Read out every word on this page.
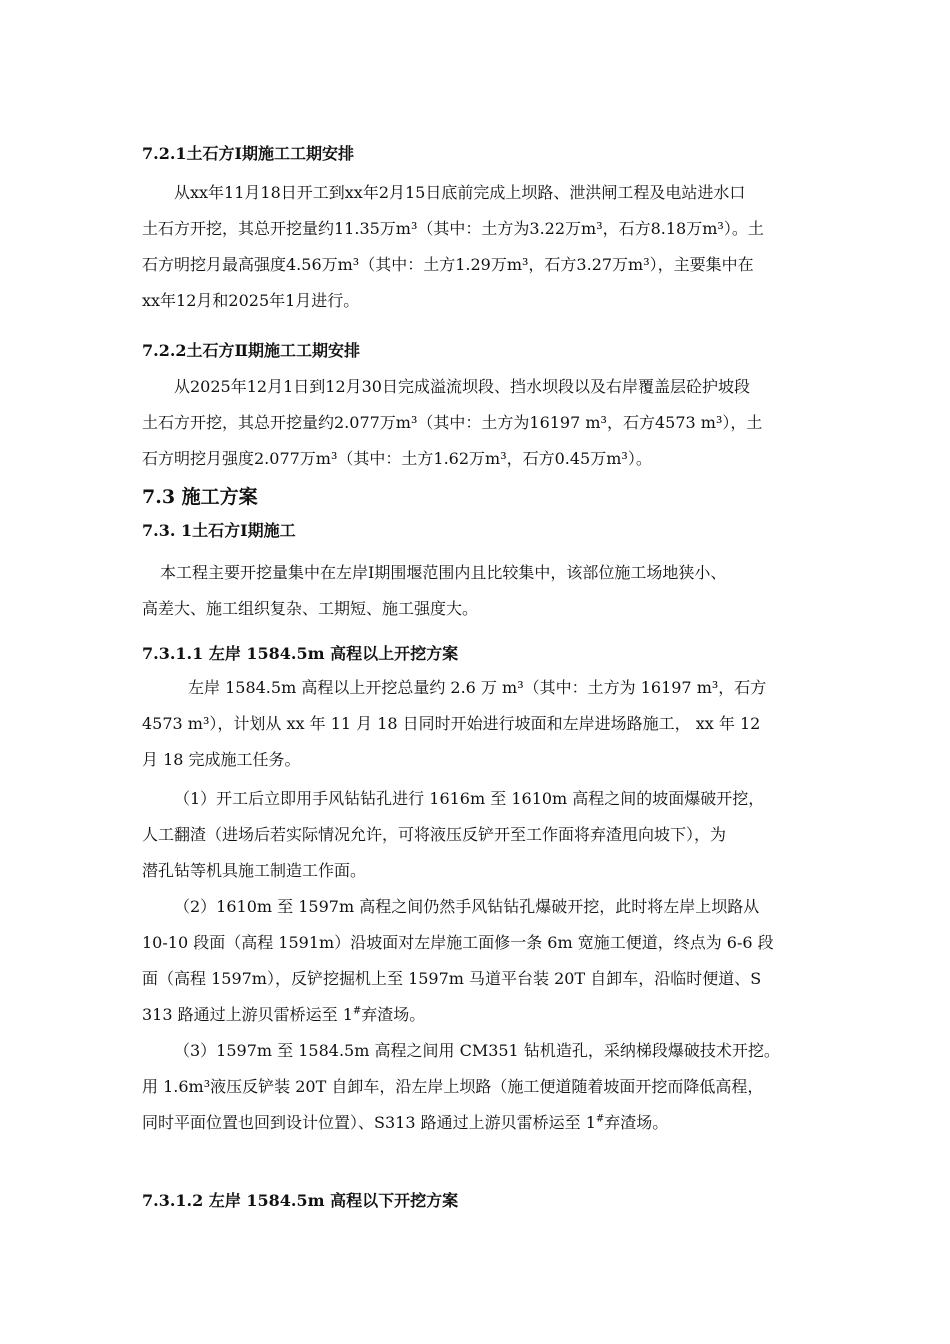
7.2.1土石方Ⅰ期施工工期安排
从xx年11月18日开工到xx年2月15日底前完成上坝路、泄洪闸工程及电站进水口
土石方开挖，其总开挖量约11.35万m³（其中：土方为3.22万m³，石方8.18万m³）。土
石方明挖月最高强度4.56万m³（其中：土方1.29万m³，石方3.27万m³），主要集中在
xx年12月和2025年1月进行。
7.2.2土石方Ⅱ期施工工期安排
从2025年12月1日到12月30日完成溢流坝段、挡水坝段以及右岸覆盖层砼护坡段
土石方开挖，其总开挖量约2.077万m³（其中：土方为16197 m³，石方4573 m³），土
石方明挖月强度2.077万m³（其中：土方1.62万m³，石方0.45万m³）。
7.3 施工方案
7.3. 1土石方Ⅰ期施工
本工程主要开挖量集中在左岸Ⅰ期围堰范围内且比较集中，该部位施工场地狭小、
高差大、施工组织复杂、工期短、施工强度大。
7.3.1.1 左岸 1584.5m 高程以上开挖方案
左岸 1584.5m 高程以上开挖总量约 2.6 万 m³（其中：土方为 16197 m³，石方
4573 m³），计划从 xx 年 11 月 18 日同时开始进行坡面和左岸进场路施工， xx 年 12
月 18 完成施工任务。
（1）开工后立即用手风钻钻孔进行 1616m 至 1610m 高程之间的坡面爆破开挖，
人工翻渣（进场后若实际情况允许，可将液压反铲开至工作面将弃渣甩向坡下），为
潜孔钻等机具施工制造工作面。
（2）1610m 至 1597m 高程之间仍然手风钻钻孔爆破开挖，此时将左岸上坝路从
10-10 段面（高程 1591m）沿坡面对左岸施工面修一条 6m 宽施工便道，终点为 6-6 段
面（高程 1597m），反铲挖掘机上至 1597m 马道平台装 20T 自卸车，沿临时便道、S
313 路通过上游贝雷桥运至 1#弃渣场。
（3）1597m 至 1584.5m 高程之间用 CM351 钻机造孔，采纳梯段爆破技术开挖。
用 1.6m³液压反铲装 20T 自卸车，沿左岸上坝路（施工便道随着坡面开挖而降低高程，
同时平面位置也回到设计位置）、S313 路通过上游贝雷桥运至 1#弃渣场。
7.3.1.2 左岸 1584.5m 高程以下开挖方案
